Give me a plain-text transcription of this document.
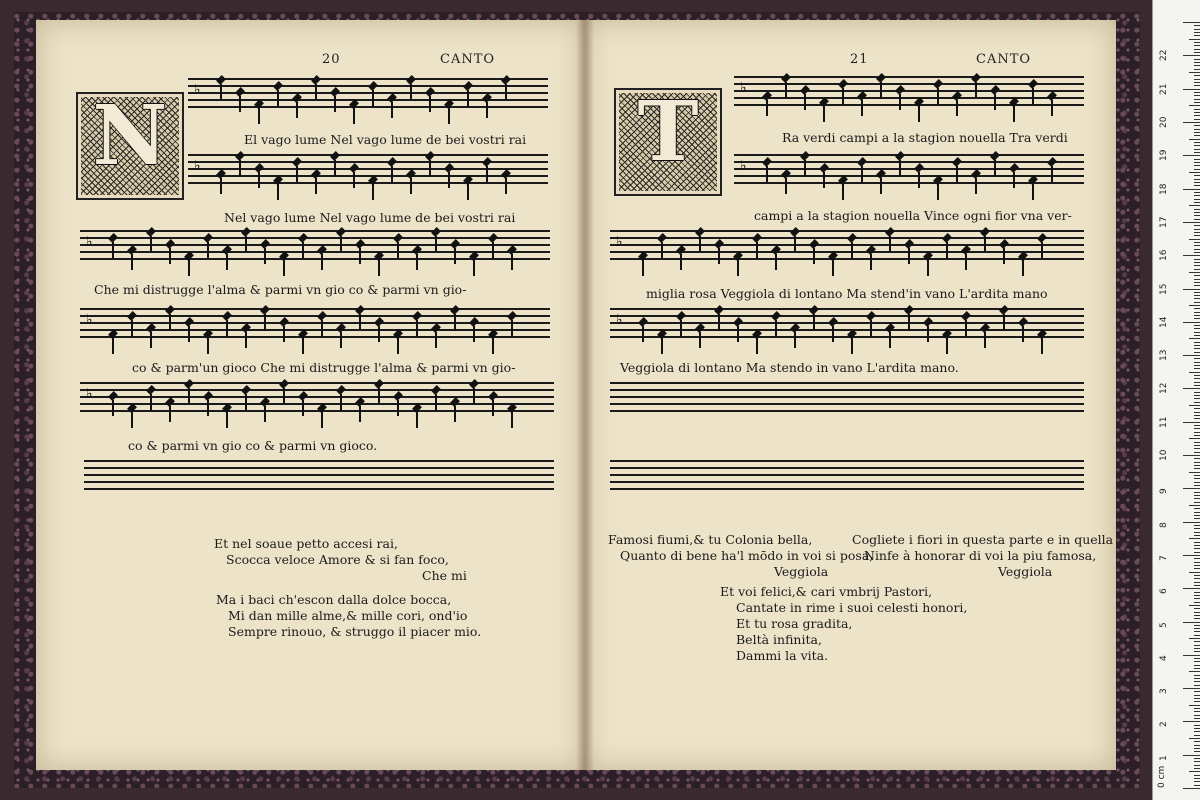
20	CANTO
N	♭
El vago lume Nel vago lume de bei vostri rai
♭
Nel vago lume Nel vago lume de bei vostri rai
♭
Che mi distrugge l'alma & parmi vn gio co & parmi vn gio-
♭
co & parm'un gioco Che mi distrugge l'alma & parmi vn gio-
♭
co & parmi vn gio co & parmi vn gioco.
Et nel soaue petto accesi rai,
Scocca veloce Amore & si fan foco,
Che mi
Ma i baci ch'escon dalla dolce bocca,
Mi dan mille alme,& mille cori, ond'io
Sempre rinouo, & struggo il piacer mio.
21	CANTO
T	♭
Ra verdi campi a la stagion nouella Tra verdi
♭
campi a la stagion nouella Vince ogni fior vna ver-
♭
miglia rosa Veggiola di lontano Ma stend'in vano L'ardita mano
♭
Veggiola di lontano Ma stendo in vano L'ardita mano.
Famosi fiumi,& tu Colonia bella,
Quanto di bene ha'l mōdo in voi si posa,
Veggiola
Cogliete i fiori in questa parte e in quella
Ninfe à honorar di voi la piu famosa,
Veggiola
Et voi felici,& cari vmbrij Pastori,
Cantate in rime i suoi celesti honori,
Et tu rosa gradita,
Beltà infinita,
Dammi la vita.
0 cm
1
2
3
4
5
6
7
8
9
10
11
12
13
14
15
16
17
18
19
20
21
22
